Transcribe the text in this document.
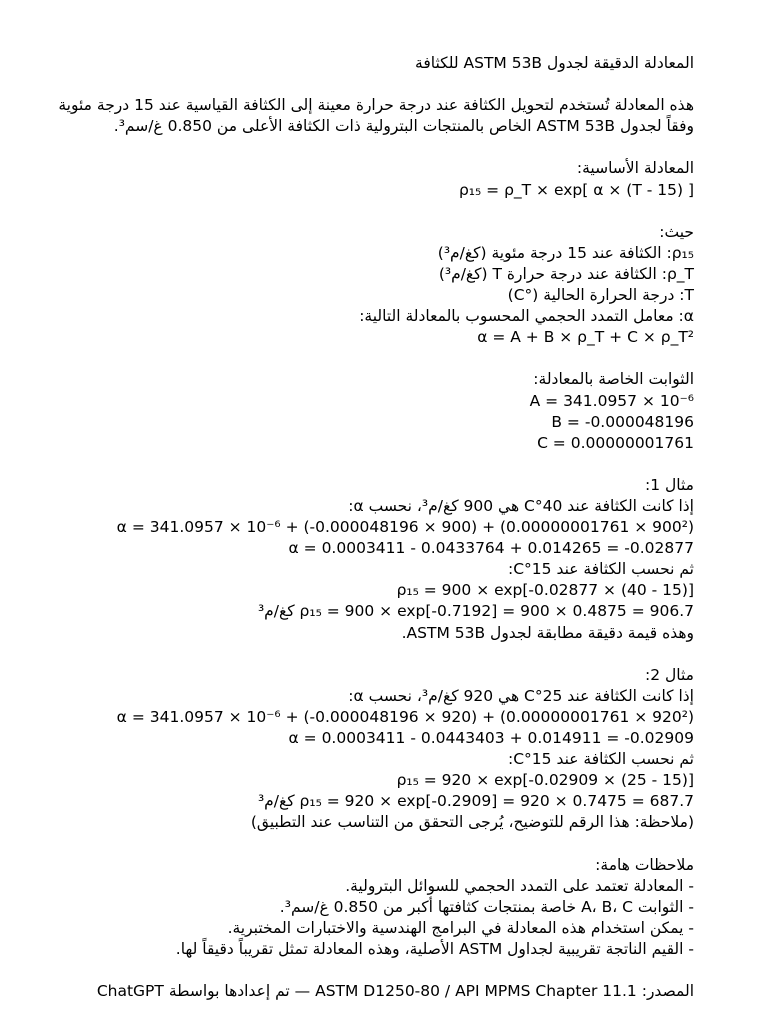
المعادلة الدقيقة لجدول ASTM 53B للكثافة
هذه المعادلة تُستخدم لتحويل الكثافة عند درجة حرارة معينة إلى الكثافة القياسية عند 15 درجة مئوية
وفقاً لجدول ASTM 53B الخاص بالمنتجات البترولية ذات الكثافة الأعلى من 0.850 غ/سم³.
المعادلة الأساسية:
ρ₁₅ = ρ_T × exp[ α × (T - 15) ]
حيث:
ρ₁₅: الكثافة عند 15 درجة مئوية (كغ/م³)
ρ_T: الكثافة عند درجة حرارة T (كغ/م³)
T: درجة الحرارة الحالية (°C)
α: معامل التمدد الحجمي المحسوب بالمعادلة التالية:
α = A + B × ρ_T + C × ρ_T²
الثوابت الخاصة بالمعادلة:
A = 341.0957 × 10⁻⁶
B = -0.000048196
C = 0.00000001761
مثال 1:
إذا كانت الكثافة عند 40°C هي 900 كغ/م³، نحسب α:
α = 341.0957 × 10⁻⁶ + (-0.000048196 × 900) + (0.00000001761 × 900²)
α = 0.0003411 - 0.0433764 + 0.014265 = -0.02877
ثم نحسب الكثافة عند 15°C:
ρ₁₅ = 900 × exp[-0.02877 × (40 - 15)]
ρ₁₅ = 900 × exp[-0.7192] = 900 × 0.4875 = 906.7 كغ/م³
وهذه قيمة دقيقة مطابقة لجدول ASTM 53B.
مثال 2:
إذا كانت الكثافة عند 25°C هي 920 كغ/م³، نحسب α:
α = 341.0957 × 10⁻⁶ + (-0.000048196 × 920) + (0.00000001761 × 920²)
α = 0.0003411 - 0.0443403 + 0.014911 = -0.02909
ثم نحسب الكثافة عند 15°C:
ρ₁₅ = 920 × exp[-0.02909 × (25 - 15)]
ρ₁₅ = 920 × exp[-0.2909] = 920 × 0.7475 = 687.7 كغ/م³
(ملاحظة: هذا الرقم للتوضيح، يُرجى التحقق من التناسب عند التطبيق)
ملاحظات هامة:
- المعادلة تعتمد على التمدد الحجمي للسوائل البترولية.
- الثوابت A، B، C خاصة بمنتجات كثافتها أكبر من 0.850 غ/سم³.
- يمكن استخدام هذه المعادلة في البرامج الهندسية والاختبارات المختبرية.
- القيم الناتجة تقريبية لجداول ASTM الأصلية، وهذه المعادلة تمثل تقريباً دقيقاً لها.
المصدر: ASTM D1250-80 / API MPMS Chapter 11.1 — تم إعدادها بواسطة ChatGPT
